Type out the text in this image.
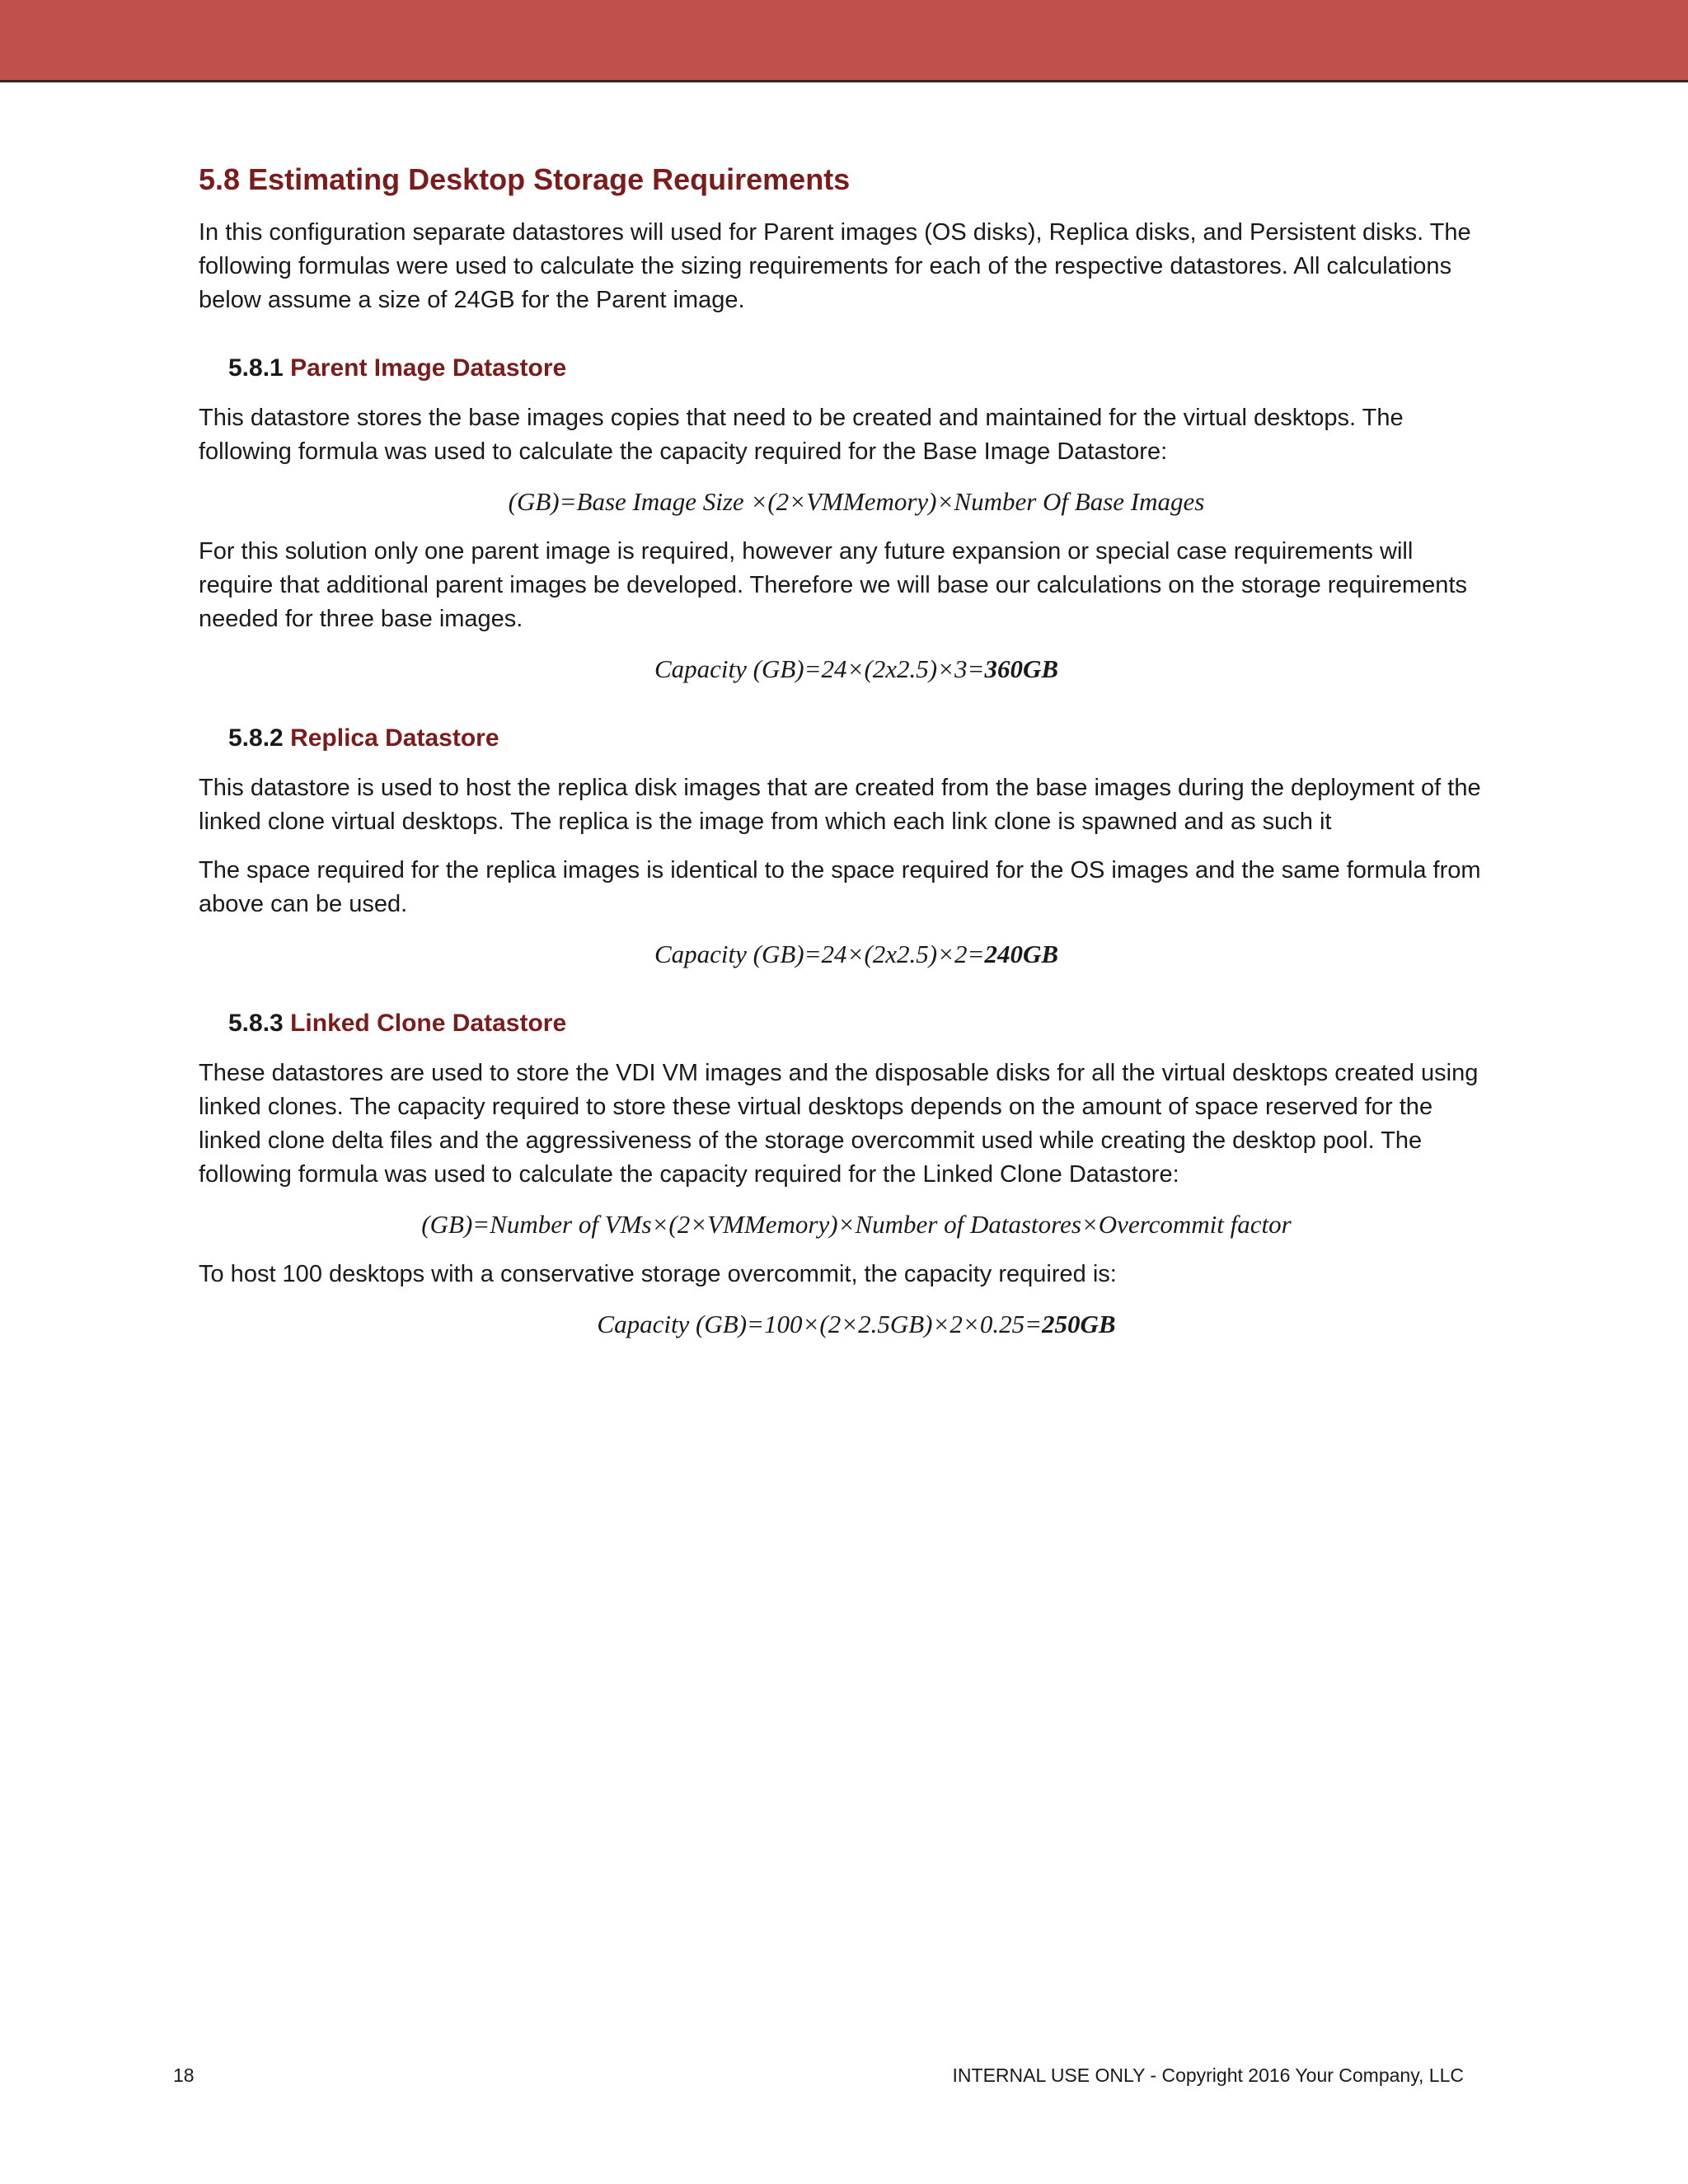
5.8 Estimating Desktop Storage Requirements

In this configuration separate datastores will used for Parent images (OS disks), Replica disks, and Persistent disks. The following formulas were used to calculate the sizing requirements for each of the respective datastores. All calculations below assume a size of 24GB for the Parent image.

5.8.1 Parent Image Datastore

This datastore stores the base images copies that need to be created and maintained for the virtual desktops. The following formula was used to calculate the capacity required for the Base Image Datastore:

(GB)=Base Image Size ×(2×VMMemory)×Number Of Base Images

For this solution only one parent image is required, however any future expansion or special case requirements will require that additional parent images be developed. Therefore we will base our calculations on the storage requirements needed for three base images.

Capacity (GB)=24×(2x2.5)×3=360GB
5.8.2 Replica Datastore

This datastore is used to host the replica disk images that are created from the base images during the deployment of the linked clone virtual desktops. The replica is the image from which each link clone is spawned and as such it

The space required for the replica images is identical to the space required for the OS images and the same formula from above can be used.

Capacity (GB)=24×(2x2.5)×2=240GB
5.8.3 Linked Clone Datastore

These datastores are used to store the VDI VM images and the disposable disks for all the virtual desktops created using linked clones. The capacity required to store these virtual desktops depends on the amount of space reserved for the linked clone delta files and the aggressiveness of the storage overcommit used while creating the desktop pool. The following formula was used to calculate the capacity required for the Linked Clone Datastore:

(GB)=Number of VMs×(2×VMMemory)×Number of Datastores×Overcommit factor

To host 100 desktops with a conservative storage overcommit, the capacity required is:

Capacity (GB)=100×(2×2.5GB)×2×0.25=250GB
18	INTERNAL USE ONLY - Copyright 2016 Your Company, LLC
